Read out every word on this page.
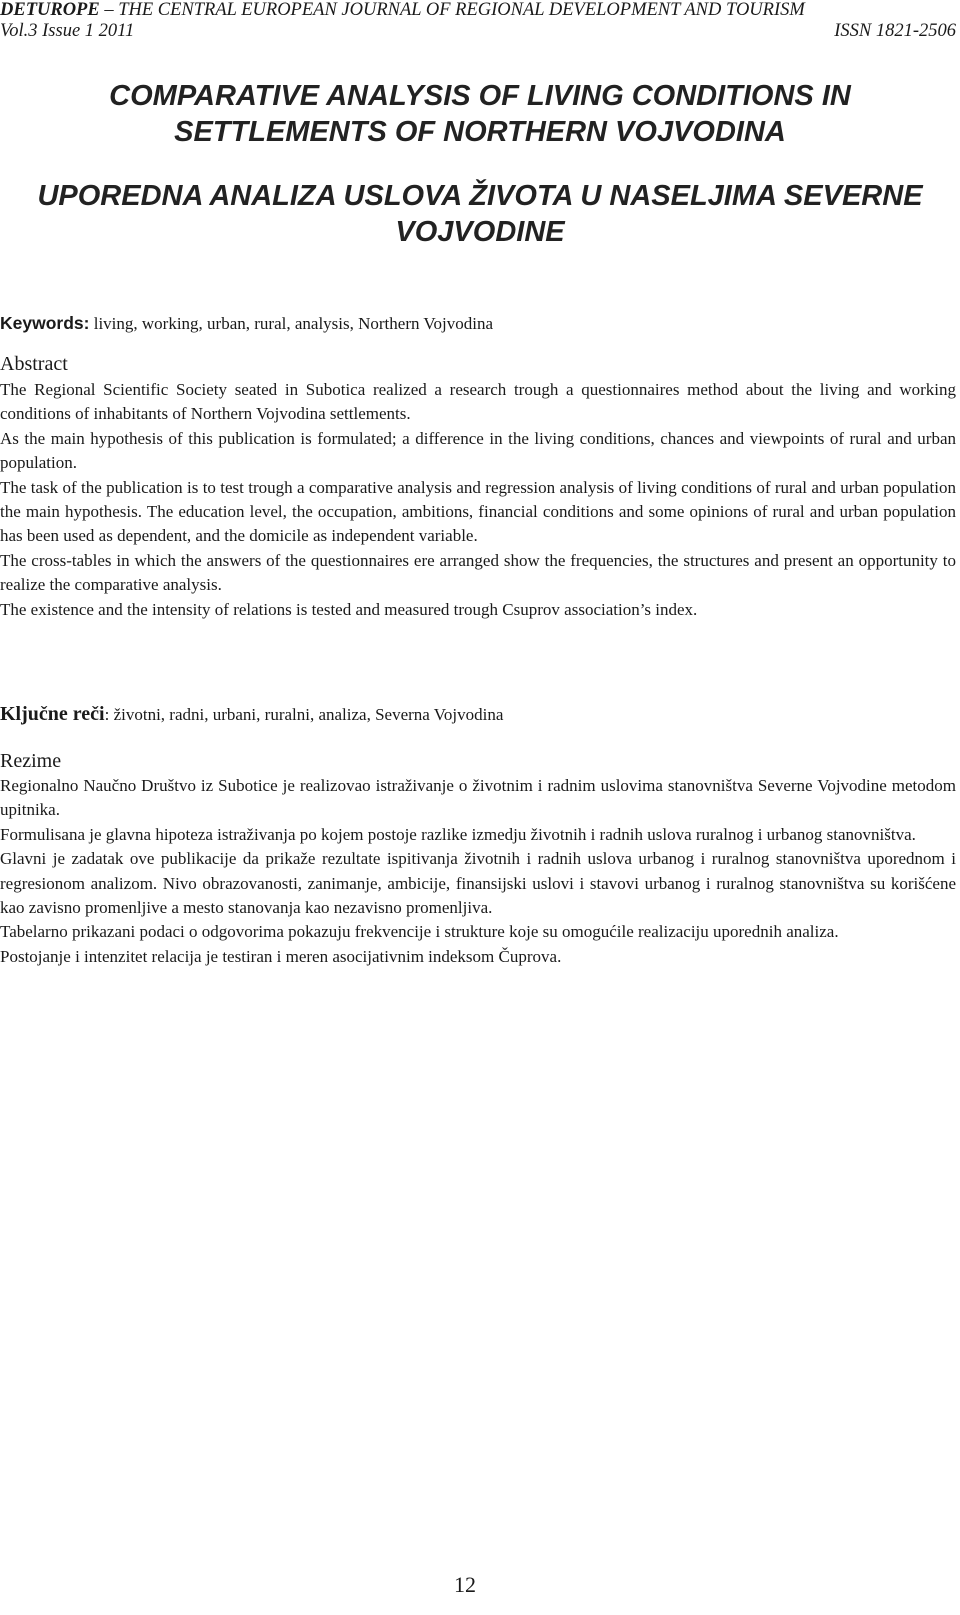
DETUROPE – THE CENTRAL EUROPEAN JOURNAL OF REGIONAL DEVELOPMENT AND TOURISM
Vol.3 Issue 1 2011	ISSN 1821-2506
COMPARATIVE ANALYSIS OF LIVING CONDITIONS IN
SETTLEMENTS OF NORTHERN VOJVODINA
UPOREDNA ANALIZA USLOVA ŽIVOTA U NASELJIMA SEVERNE
VOJVODINE
Keywords: living, working, urban, rural, analysis, Northern Vojvodina
Abstract

The Regional Scientific Society seated in Subotica realized a research trough a questionnaires method about the living and working conditions of inhabitants of Northern Vojvodina settlements.

As the main hypothesis of this publication is formulated; a difference in the living conditions, chances and viewpoints of rural and urban population.

The task of the publication is to test trough a comparative analysis and regression analysis of living conditions of rural and urban population the main hypothesis. The education level, the occupation, ambitions, financial conditions and some opinions of rural and urban population has been used as dependent, and the domicile as independent variable.

The cross-tables in which the answers of the questionnaires ere arranged show the frequencies, the structures and present an opportunity to realize the comparative analysis.

The existence and the intensity of relations is tested and measured trough Csuprov association’s index.

Ključne reči: životni, radni, urbani, ruralni, analiza, Severna Vojvodina
Rezime

Regionalno Naučno Društvo iz Subotice je realizovao istraživanje o životnim i radnim uslovima stanovništva Severne Vojvodine metodom upitnika.

Formulisana je glavna hipoteza istraživanja po kojem postoje razlike izmedju životnih i radnih uslova ruralnog i urbanog stanovništva.

Glavni je zadatak ove publikacije da prikaže rezultate ispitivanja životnih i radnih uslova urbanog i ruralnog stanovništva uporednom i regresionom analizom. Nivo obrazovanosti, zanimanje, ambicije, finansijski uslovi i stavovi urbanog i ruralnog stanovništva su korišćene kao zavisno promenljive a mesto stanovanja kao nezavisno promenljiva.

Tabelarno prikazani podaci o odgovorima pokazuju frekvencije i strukture koje su omogućile realizaciju uporednih analiza.

Postojanje i intenzitet relacija je testiran i meren asocijativnim indeksom Čuprova.

12
